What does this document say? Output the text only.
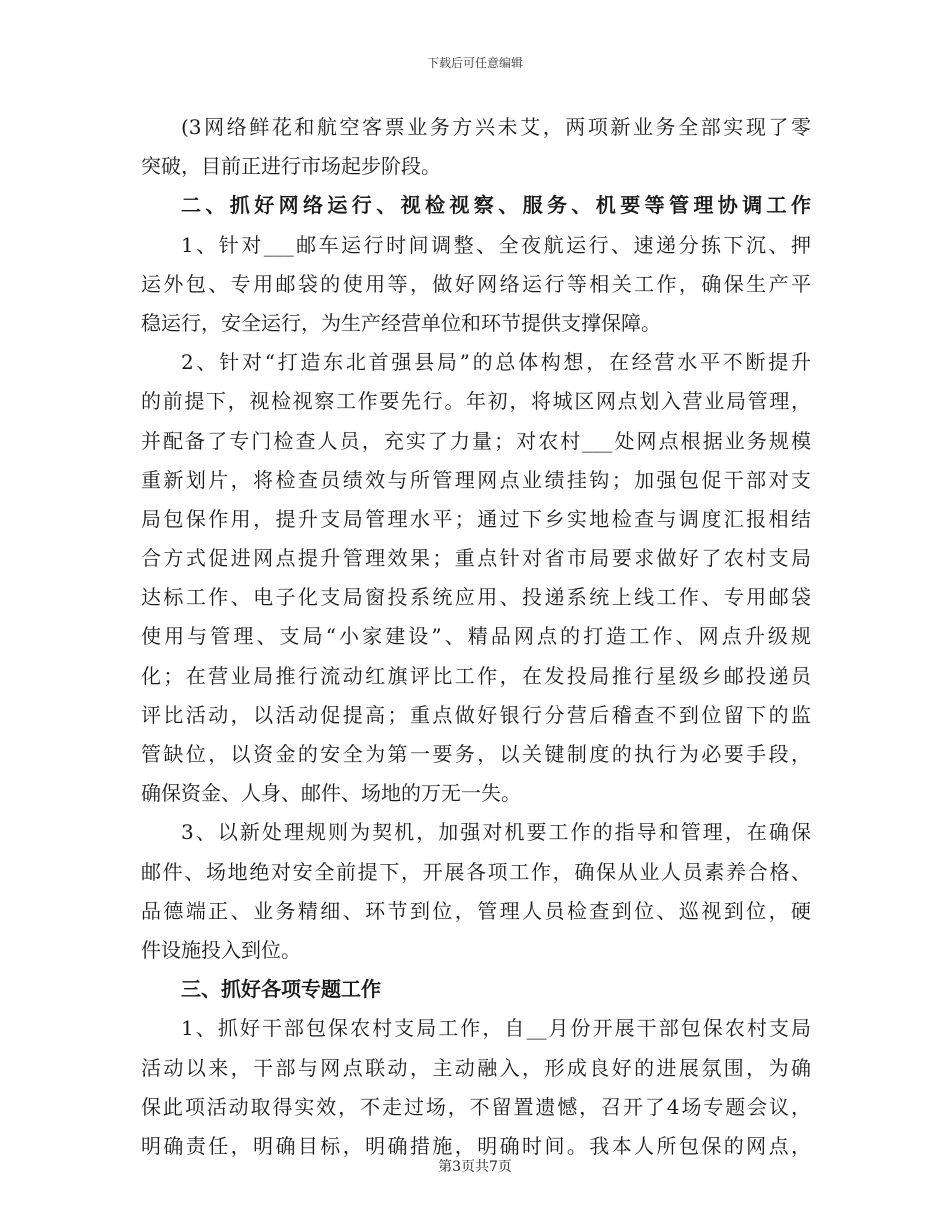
下载后可任意编辑
(3网络鲜花和航空客票业务方兴未艾，两项新业务全部实现了零
突破，目前正进行市场起步阶段。
二、抓好网络运行、视检视察、服务、机要等管理协调工作
1、针对___邮车运行时间调整、全夜航运行、速递分拣下沉、押
运外包、专用邮袋的使用等，做好网络运行等相关工作，确保生产平
稳运行，安全运行，为生产经营单位和环节提供支撑保障。
2、针对“打造东北首强县局”的总体构想，在经营水平不断提升
的前提下，视检视察工作要先行。年初，将城区网点划入营业局管理，
并配备了专门检查人员，充实了力量；对农村___处网点根据业务规模
重新划片，将检查员绩效与所管理网点业绩挂钩；加强包促干部对支
局包保作用，提升支局管理水平；通过下乡实地检查与调度汇报相结
合方式促进网点提升管理效果；重点针对省市局要求做好了农村支局
达标工作、电子化支局窗投系统应用、投递系统上线工作、专用邮袋
使用与管理、支局“小家建设”、精品网点的打造工作、网点升级规
化；在营业局推行流动红旗评比工作，在发投局推行星级乡邮投递员
评比活动，以活动促提高；重点做好银行分营后稽查不到位留下的监
管缺位，以资金的安全为第一要务，以关键制度的执行为必要手段，
确保资金、人身、邮件、场地的万无一失。
3、以新处理规则为契机，加强对机要工作的指导和管理，在确保
邮件、场地绝对安全前提下，开展各项工作，确保从业人员素养合格、
品德端正、业务精细、环节到位，管理人员检查到位、巡视到位，硬
件设施投入到位。
三、抓好各项专题工作
1、抓好干部包保农村支局工作，自__月份开展干部包保农村支局
活动以来，干部与网点联动，主动融入，形成良好的进展氛围，为确
保此项活动取得实效，不走过场，不留置遗憾，召开了4场专题会议，
明确责任，明确目标，明确措施，明确时间。我本人所包保的网点，
第3页共7页
